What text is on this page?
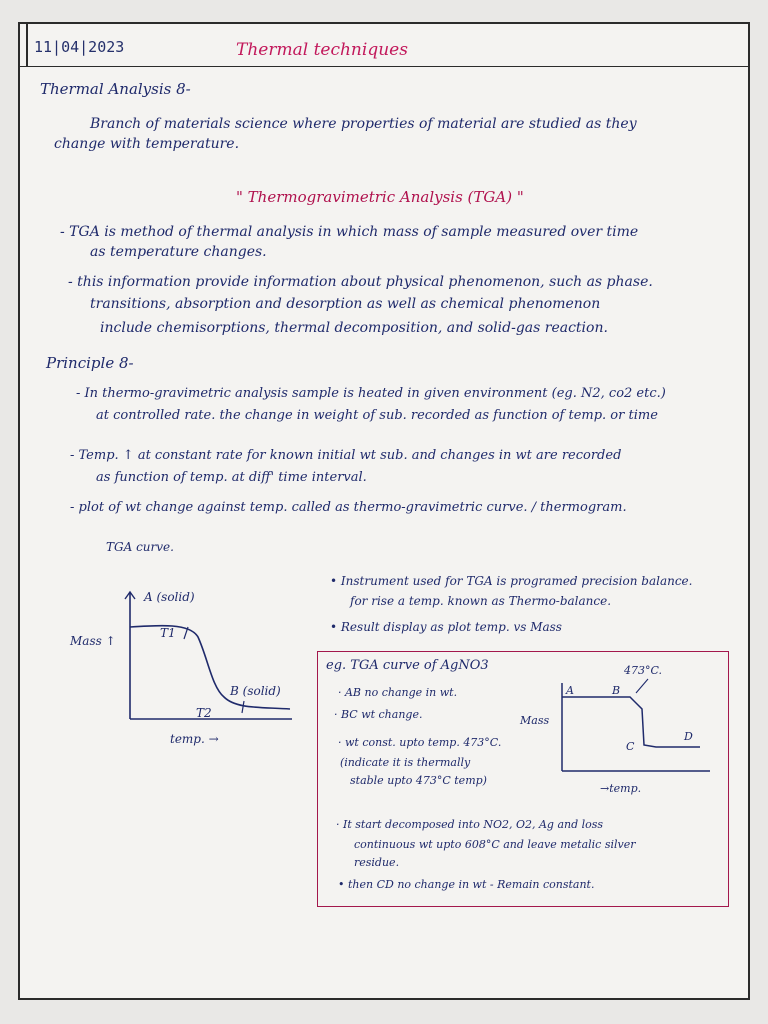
11|04|2023	Thermal techniques
Thermal Analysis 8-
Branch of materials science where properties of material are studied as they
change with temperature.
" Thermogravimetric Analysis (TGA) "
- TGA is method of thermal analysis in which mass of sample measured over time
as temperature changes.
- this information provide information about physical phenomenon, such as phase.
transitions, absorption and desorption as well as chemical phenomenon
include chemisorptions, thermal decomposition, and solid-gas reaction.
Principle 8-
- In thermo-gravimetric analysis sample is heated in given environment (eg. N2, co2 etc.)
at controlled rate. the change in weight of sub. recorded as function of temp. or time
- Temp. ↑ at constant rate for known initial wt sub. and changes in wt are recorded
as function of temp. at diff' time interval.
- plot of wt change against temp. called as thermo-gravimetric curve. / thermogram.
TGA curve.
A (solid)
T1
B (solid)
T2
Mass ↑
temp. →
• Instrument used for TGA is programed precision balance.
for rise a temp. known as Thermo-balance.
• Result display as plot temp. vs Mass
eg. TGA curve of AgNO3
· AB no change in wt.
· BC wt change.
· wt const. upto temp. 473°C.
(indicate it is thermally
stable upto 473°C temp)
473°C.
A	B
C
D
Mass
→temp.
· It start decomposed into NO2, O2, Ag and loss
continuous wt upto 608°C and leave metalic silver
residue.
• then CD no change in wt - Remain constant.
